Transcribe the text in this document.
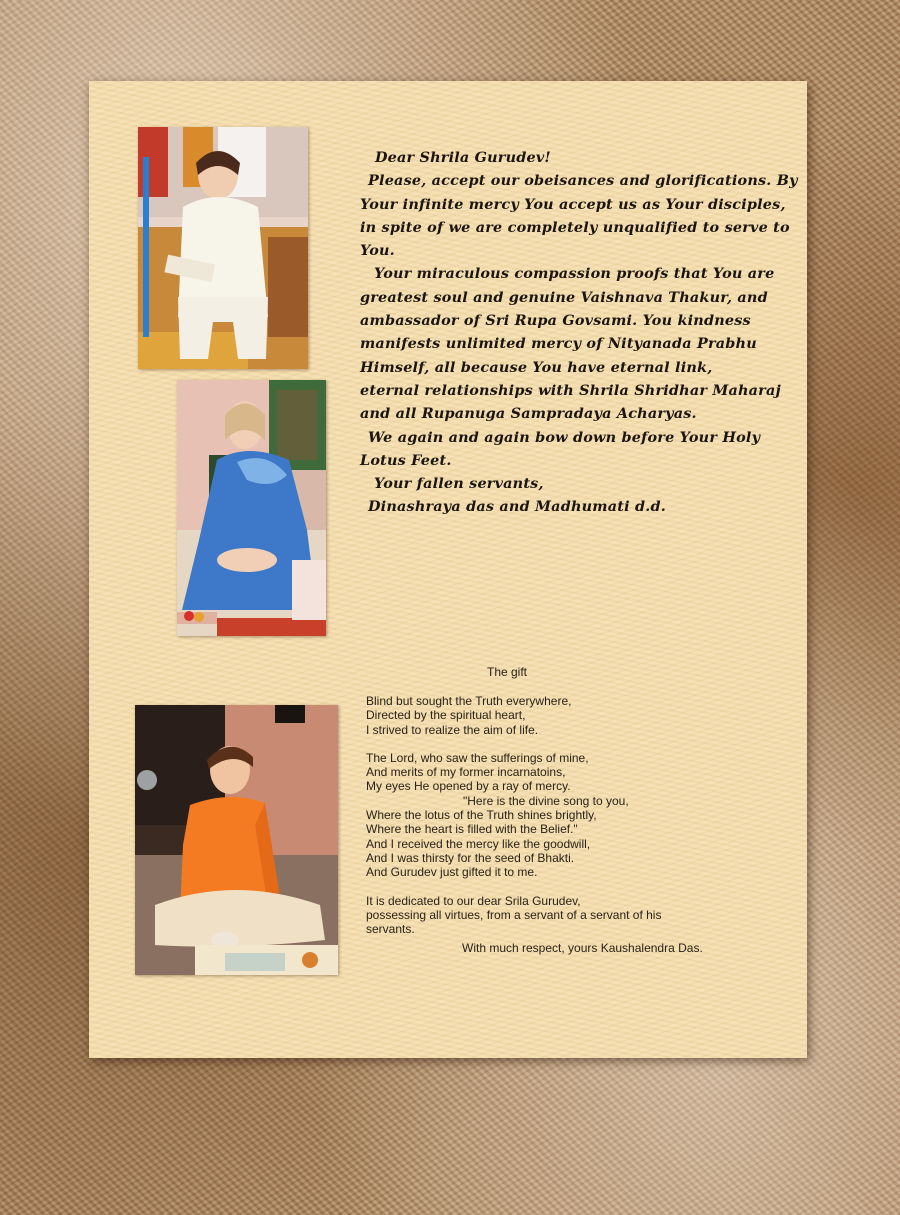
Dear Shrila Gurudev!

Please, accept our obeisances and glorifications. By

Your infinite mercy You accept us as Your disciples,

in spite of we are completely unqualified to serve to

You.

Your miraculous compassion proofs that You are

greatest soul and genuine Vaishnava Thakur, and

ambassador of Sri Rupa Govsami. You kindness

manifests unlimited mercy of Nityanada Prabhu

Himself, all because You have eternal link,

eternal relationships with Shrila Shridhar Maharaj

and all Rupanuga Sampradaya Acharyas.

We again and again bow down before Your Holy

Lotus Feet.

Your fallen servants,

Dinashraya das and Madhumati d.d.

The gift

Blind but sought the Truth everywhere,

Directed by the spiritual heart,

I strived to realize the aim of life.

The Lord, who saw the sufferings of mine,

And merits of my former incarnatoins,

My eyes He opened by a ray of mercy.

"Here is the divine song to you,

Where the lotus of the Truth shines brightly,

Where the heart is filled with the Belief."

And I received the mercy like the goodwill,

And I was thirsty for the seed of Bhakti.

And Gurudev just gifted it to me.

It is dedicated to our dear Srila Gurudev,

possessing all virtues, from a servant of a servant of his

servants.

With much respect, yours Kaushalendra Das.
